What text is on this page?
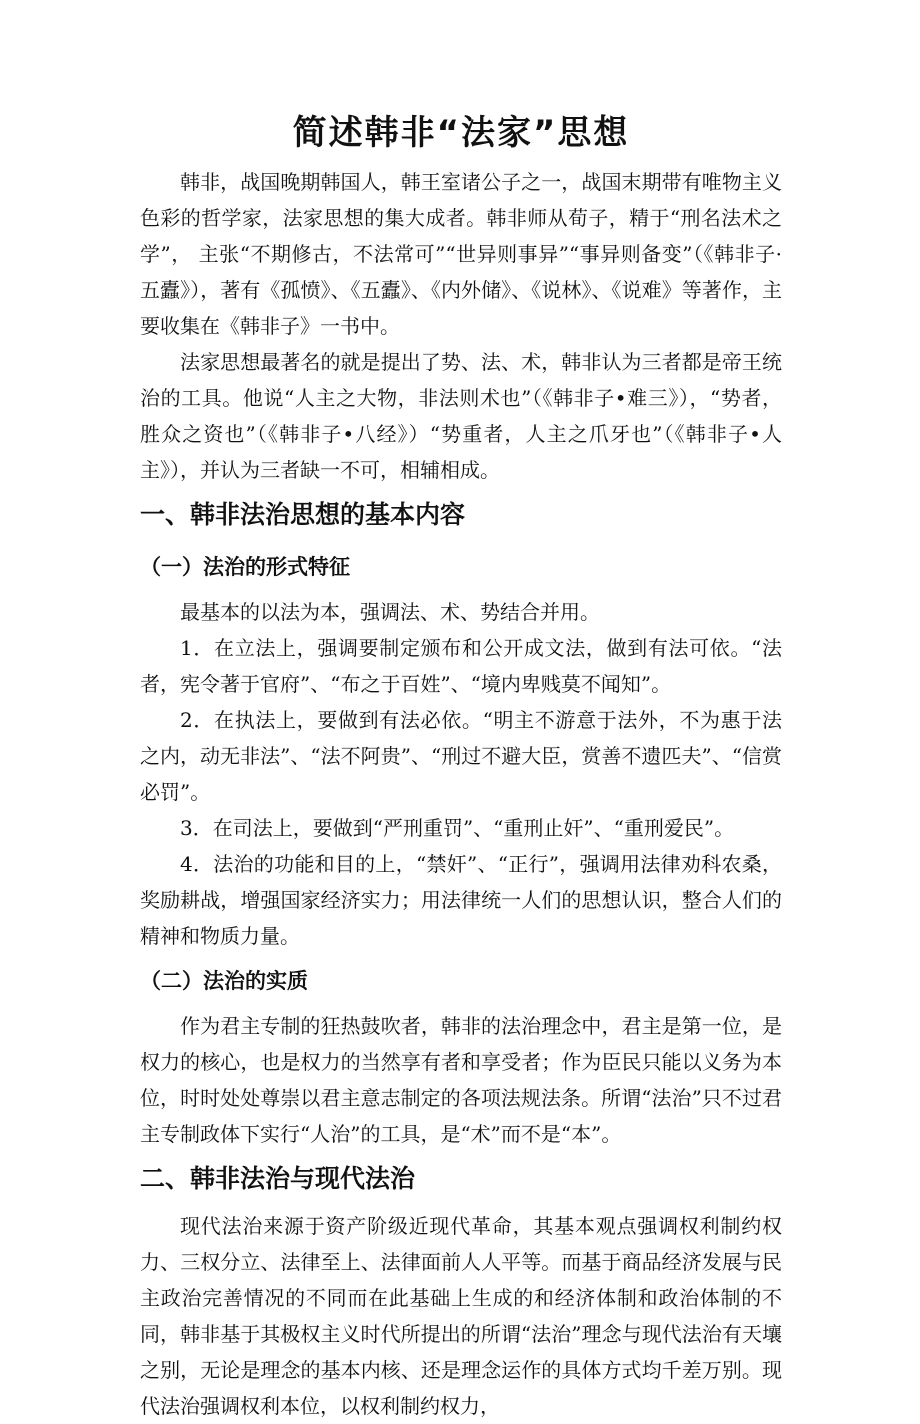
简述韩非“法家”思想

韩非，战国晚期韩国人，韩王室诸公子之一，战国末期带有唯物主义色彩的哲学家，法家思想的集大成者。韩非师从荀子，精于“刑名法术之学”， 主张“不期修古，不法常可”“世异则事异”“事异则备变”（《韩非子·五蠹》），著有《孤愤》、《五蠹》、《内外储》、《说林》、《说难》等著作，主要收集在《韩非子》一书中。

法家思想最著名的就是提出了势、法、术，韩非认为三者都是帝王统治的工具。他说“人主之大物，非法则术也”（《韩非子•难三》），“势者，胜众之资也”（《韩非子•八经》）“势重者，人主之爪牙也”（《韩非子•人主》），并认为三者缺一不可，相辅相成。

一、韩非法治思想的基本内容
（一）法治的形式特征

最基本的以法为本，强调法、术、势结合并用。

1．在立法上，强调要制定颁布和公开成文法，做到有法可依。“法者，宪令著于官府”、“布之于百姓”、“境内卑贱莫不闻知”。

2．在执法上，要做到有法必依。“明主不游意于法外，不为惠于法之内，动无非法”、“法不阿贵”、“刑过不避大臣，赏善不遗匹夫”、“信赏必罚”。

3．在司法上，要做到“严刑重罚”、“重刑止奸”、“重刑爱民”。

4．法治的功能和目的上，“禁奸”、“正行”，强调用法律劝科农桑，奖励耕战，增强国家经济实力；用法律统一人们的思想认识，整合人们的精神和物质力量。

（二）法治的实质

作为君主专制的狂热鼓吹者，韩非的法治理念中，君主是第一位，是权力的核心，也是权力的当然享有者和享受者；作为臣民只能以义务为本位，时时处处尊崇以君主意志制定的各项法规法条。所谓“法治”只不过君主专制政体下实行“人治”的工具，是“术”而不是“本”。

二、韩非法治与现代法治

现代法治来源于资产阶级近现代革命，其基本观点强调权利制约权力、三权分立、法律至上、法律面前人人平等。而基于商品经济发展与民主政治完善情况的不同而在此基础上生成的和经济体制和政治体制的不同，韩非基于其极权主义时代所提出的所谓“法治”理念与现代法治有天壤之别，无论是理念的基本内核、还是理念运作的具体方式均千差万别。现代法治强调权利本位，以权利制约权力，
